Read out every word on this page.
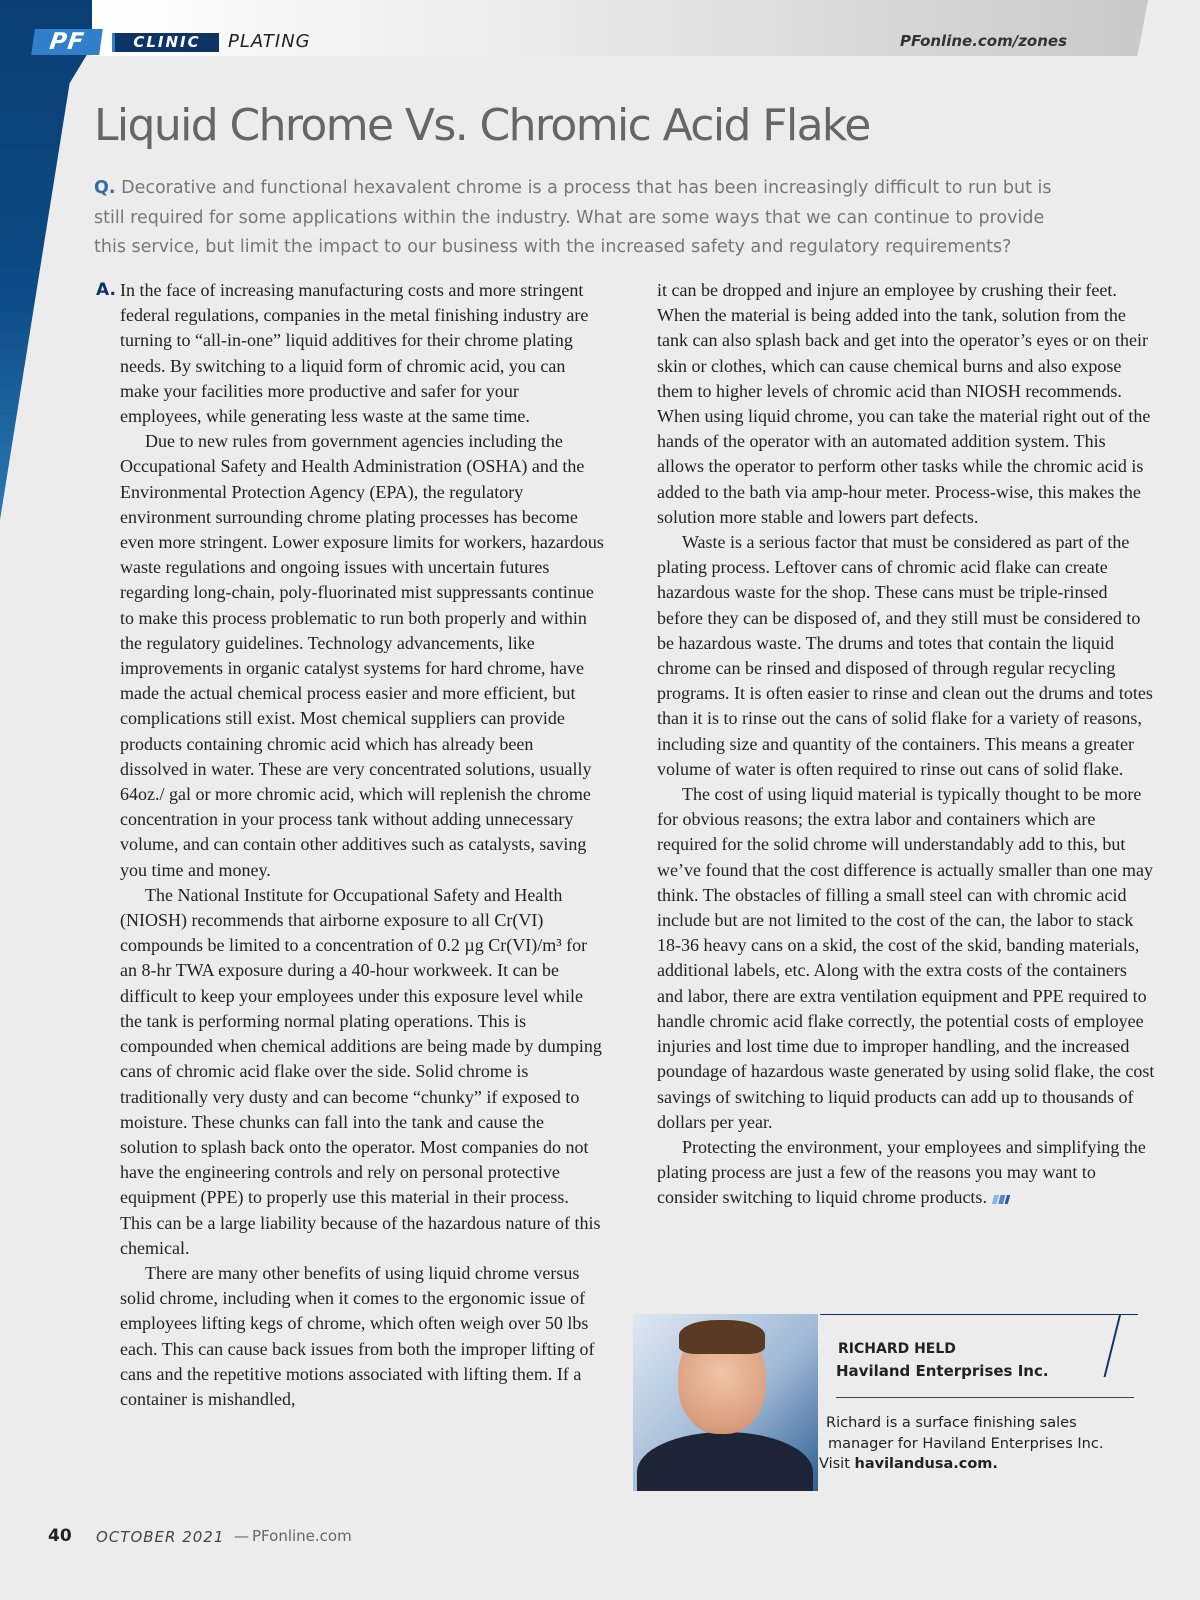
PF	CLINIC	PLATING	PFonline.com/zones
Liquid Chrome Vs. Chromic Acid Flake
Q. Decorative and functional hexavalent chrome is a process that has been increasingly difficult to run but is still required for some applications within the industry. What are some ways that we can continue to provide this service, but limit the impact to our business with the increased safety and regulatory requirements?
A. In the face of increasing manufacturing costs and more stringent federal regulations, companies in the metal finishing industry are turning to “all-in-one” liquid additives for their chrome plating needs. By switching to a liquid form of chromic acid, you can make your facilities more productive and safer for your employees, while generating less waste at the same time.

Due to new rules from government agencies including the Occupational Safety and Health Administration (OSHA) and the Environmental Protection Agency (EPA), the regulatory environment surrounding chrome plating processes has become even more stringent. Lower exposure limits for workers, hazardous waste regulations and ongoing issues with uncertain futures regarding long-chain, poly-fluorinated mist suppressants continue to make this process problematic to run both properly and within the regulatory guidelines. Technology advancements, like improvements in organic catalyst systems for hard chrome, have made the actual chemical process easier and more efficient, but complications still exist. Most chemical suppliers can provide products containing chromic acid which has already been dissolved in water. These are very concentrated solutions, usually 64oz./ gal or more chromic acid, which will replenish the chrome concentration in your process tank without adding unnecessary volume, and can contain other additives such as catalysts, saving you time and money.

The National Institute for Occupational Safety and Health (NIOSH) recommends that airborne exposure to all Cr(VI) compounds be limited to a concentration of 0.2 µg Cr(VI)/m³ for an 8-hr TWA exposure during a 40-hour workweek. It can be difficult to keep your employees under this exposure level while the tank is performing normal plating operations. This is compounded when chemical additions are being made by dumping cans of chromic acid flake over the side. Solid chrome is traditionally very dusty and can become “chunky” if exposed to moisture. These chunks can fall into the tank and cause the solution to splash back onto the operator. Most companies do not have the engineering controls and rely on personal protective equipment (PPE) to properly use this material in their process. This can be a large liability because of the hazardous nature of this chemical.

There are many other benefits of using liquid chrome versus solid chrome, including when it comes to the ergonomic issue of employees lifting kegs of chrome, which often weigh over 50 lbs each. This can cause back issues from both the improper lifting of cans and the repetitive motions associated with lifting them. If a container is mishandled,

it can be dropped and injure an employee by crushing their feet. When the material is being added into the tank, solution from the tank can also splash back and get into the operator’s eyes or on their skin or clothes, which can cause chemical burns and also expose them to higher levels of chromic acid than NIOSH recommends. When using liquid chrome, you can take the material right out of the hands of the operator with an automated addition system. This allows the operator to perform other tasks while the chromic acid is added to the bath via amp-hour meter. Process-wise, this makes the solution more stable and lowers part defects.

Waste is a serious factor that must be considered as part of the plating process. Leftover cans of chromic acid flake can create hazardous waste for the shop. These cans must be triple-rinsed before they can be disposed of, and they still must be considered to be hazardous waste. The drums and totes that contain the liquid chrome can be rinsed and disposed of through regular recycling programs. It is often easier to rinse and clean out the drums and totes than it is to rinse out the cans of solid flake for a variety of reasons, including size and quantity of the containers. This means a greater volume of water is often required to rinse out cans of solid flake.

The cost of using liquid material is typically thought to be more for obvious reasons; the extra labor and containers which are required for the solid chrome will understandably add to this, but we’ve found that the cost difference is actually smaller than one may think. The obstacles of filling a small steel can with chromic acid include but are not limited to the cost of the can, the labor to stack 18-36 heavy cans on a skid, the cost of the skid, banding materials, additional labels, etc. Along with the extra costs of the containers and labor, there are extra ventilation equipment and PPE required to handle chromic acid flake correctly, the potential costs of employee injuries and lost time due to improper handling, and the increased poundage of hazardous waste generated by using solid flake, the cost savings of switching to liquid products can add up to thousands of dollars per year.

Protecting the environment, your employees and simplifying the plating process are just a few of the reasons you may want to consider switching to liquid chrome products.

RICHARD HELD
Haviland Enterprises Inc.
Richard is a surface finishing sales
manager for Haviland Enterprises Inc.
Visit havilandusa.com.
40 OCTOBER 2021 — PFonline.com
